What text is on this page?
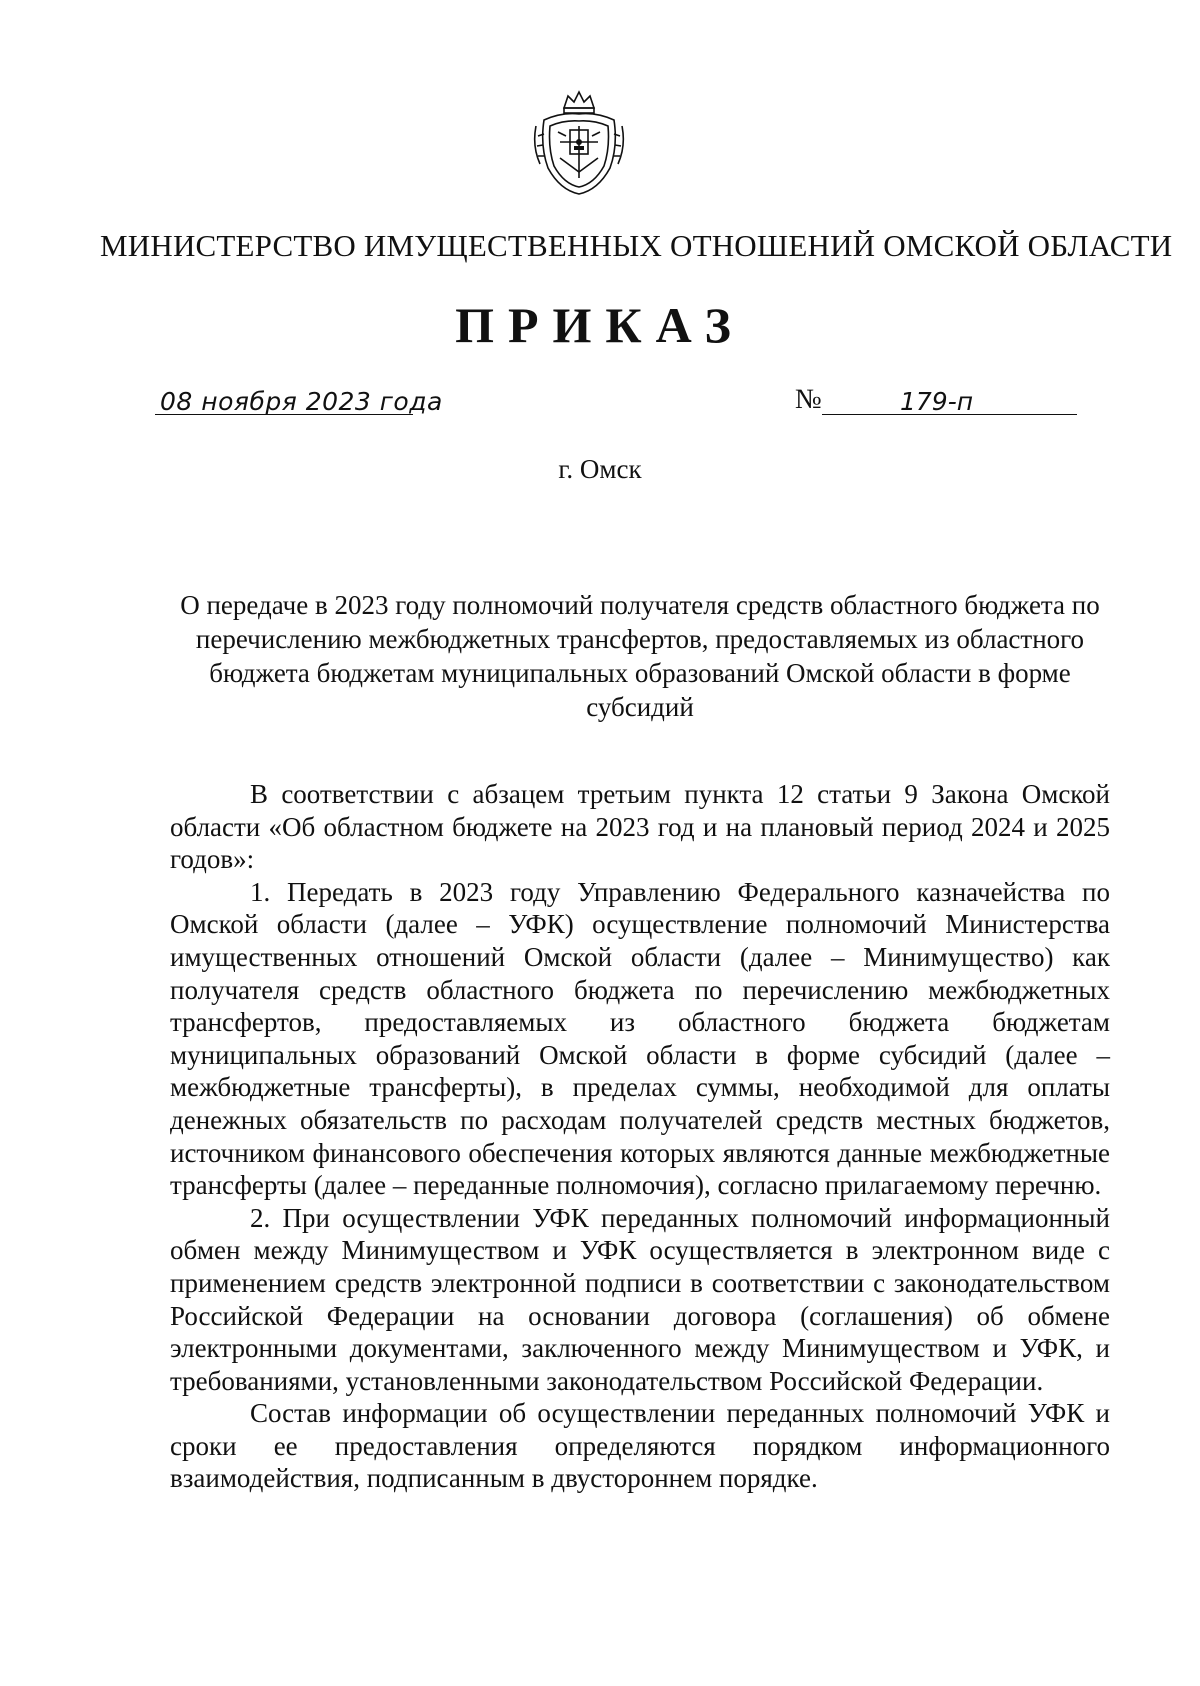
МИНИСТЕРСТВО ИМУЩЕСТВЕННЫХ ОТНОШЕНИЙ ОМСКОЙ ОБЛАСТИ
ПРИКАЗ
08 ноября 2023 года	№	179-п
г. Омск
О передаче в 2023 году полномочий получателя средств областного бюджета по перечислению межбюджетных трансфертов, предоставляемых из областного бюджета бюджетам муниципальных образований Омской области в форме субсидий

В соответствии с абзацем третьим пункта 12 статьи 9 Закона Омской области «Об областном бюджете на 2023 год и на плановый период 2024 и 2025 годов»:

1. Передать в 2023 году Управлению Федерального казначейства по Омской области (далее – УФК) осуществление полномочий Министерства имущественных отношений Омской области (далее – Минимущество) как получателя средств областного бюджета по перечислению межбюджетных трансфертов, предоставляемых из областного бюджета бюджетам муниципальных образований Омской области в форме субсидий (далее – межбюджетные трансферты), в пределах суммы, необходимой для оплаты денежных обязательств по расходам получателей средств местных бюджетов, источником финансового обеспечения которых являются данные межбюджетные трансферты (далее – переданные полномочия), согласно прилагаемому перечню.

2. При осуществлении УФК переданных полномочий информационный обмен между Минимуществом и УФК осуществляется в электронном виде с применением средств электронной подписи в соответствии с законодательством Российской Федерации на основании договора (соглашения) об обмене электронными документами, заключенного между Минимуществом и УФК, и требованиями, установленными законодательством Российской Федерации.

Состав информации об осуществлении переданных полномочий УФК и сроки ее предоставления определяются порядком информационного взаимодействия, подписанным в двустороннем порядке.
